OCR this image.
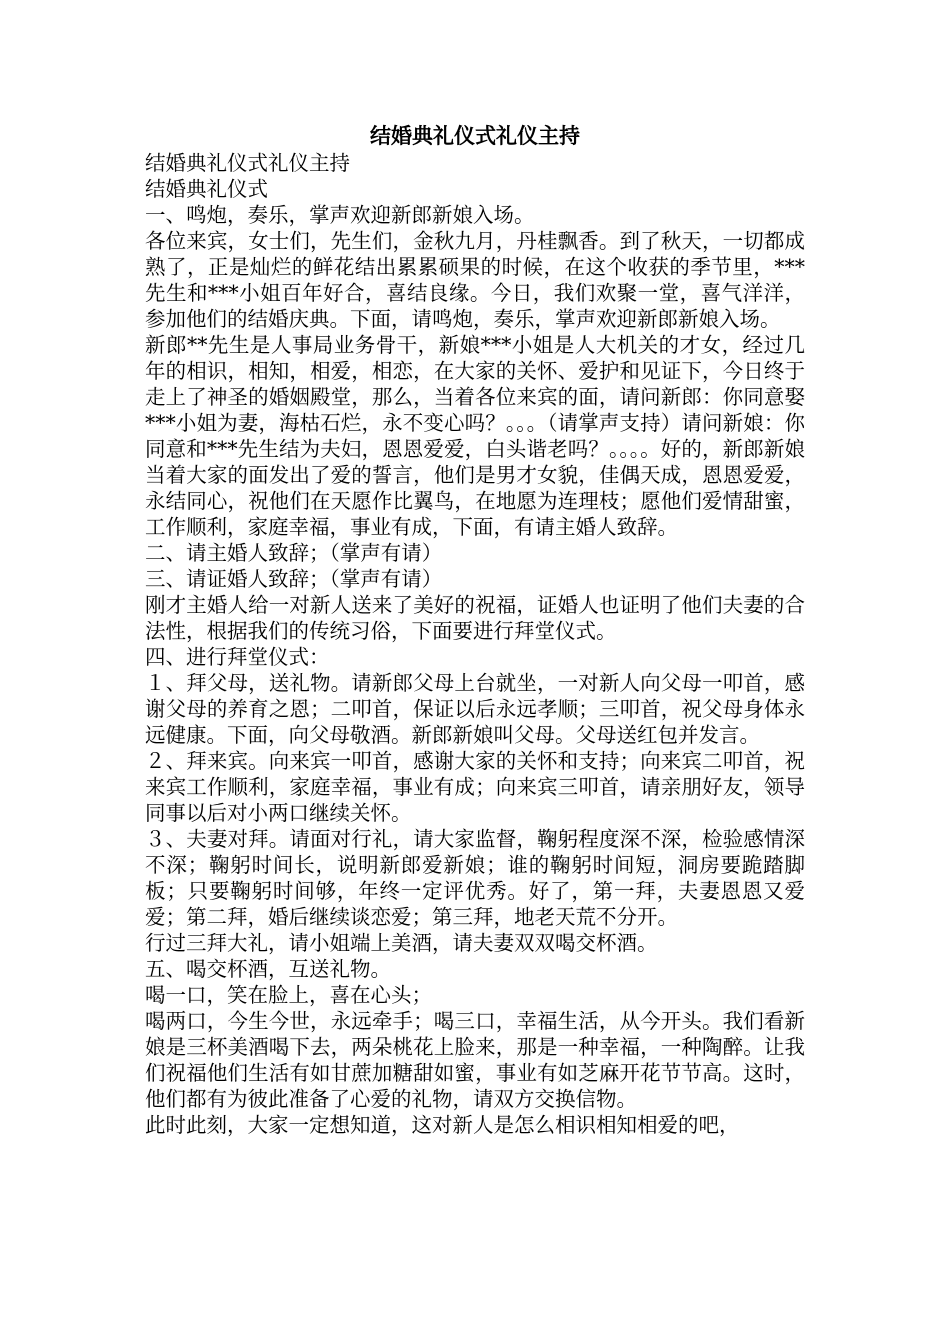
结婚典礼仪式礼仪主持

结婚典礼仪式礼仪主持

结婚典礼仪式

一、鸣炮，奏乐，掌声欢迎新郎新娘入场。

各位来宾，女士们，先生们，金秋九月，丹桂飘香。到了秋天，一切都成熟了，正是灿烂的鲜花结出累累硕果的时候，在这个收获的季节里，***先生和***小姐百年好合，喜结良缘。今日，我们欢聚一堂，喜气洋洋，参加他们的结婚庆典。下面，请鸣炮，奏乐，掌声欢迎新郎新娘入场。

新郎**先生是人事局业务骨干，新娘***小姐是人大机关的才女，经过几年的相识，相知，相爱，相恋，在大家的关怀、爱护和见证下，今日终于走上了神圣的婚姻殿堂，那么，当着各位来宾的面，请问新郎：你同意娶***小姐为妻，海枯石烂，永不变心吗？。。。（请掌声支持）请问新娘：你同意和***先生结为夫妇，恩恩爱爱，白头谐老吗？。。。。好的，新郎新娘当着大家的面发出了爱的誓言，他们是男才女貌，佳偶天成，恩恩爱爱，永结同心，祝他们在天愿作比翼鸟，在地愿为连理枝；愿他们爱情甜蜜，工作顺利，家庭幸福，事业有成，下面，有请主婚人致辞。

二、请主婚人致辞；（掌声有请）

三、请证婚人致辞；（掌声有请）

刚才主婚人给一对新人送来了美好的祝福，证婚人也证明了他们夫妻的合法性，根据我们的传统习俗，下面要进行拜堂仪式。

四、进行拜堂仪式：

１、拜父母，送礼物。请新郎父母上台就坐，一对新人向父母一叩首，感谢父母的养育之恩；二叩首，保证以后永远孝顺；三叩首，祝父母身体永远健康。下面，向父母敬酒。新郎新娘叫父母。父母送红包并发言。

２、拜来宾。向来宾一叩首，感谢大家的关怀和支持；向来宾二叩首，祝来宾工作顺利，家庭幸福，事业有成；向来宾三叩首，请亲朋好友，领导同事以后对小两口继续关怀。

３、夫妻对拜。请面对行礼，请大家监督，鞠躬程度深不深，检验感情深不深；鞠躬时间长，说明新郎爱新娘；谁的鞠躬时间短，洞房要跪踏脚板；只要鞠躬时间够，年终一定评优秀。好了，第一拜，夫妻恩恩又爱爱；第二拜，婚后继续谈恋爱；第三拜，地老天荒不分开。

行过三拜大礼，请小姐端上美酒，请夫妻双双喝交杯酒。

五、喝交杯酒，互送礼物。

喝一口，笑在脸上，喜在心头；

喝两口，今生今世，永远牵手；喝三口，幸福生活，从今开头。我们看新娘是三杯美酒喝下去，两朵桃花上脸来，那是一种幸福，一种陶醉。让我们祝福他们生活有如甘蔗加糖甜如蜜，事业有如芝麻开花节节高。这时，他们都有为彼此准备了心爱的礼物，请双方交换信物。

此时此刻，大家一定想知道，这对新人是怎么相识相知相爱的吧，
